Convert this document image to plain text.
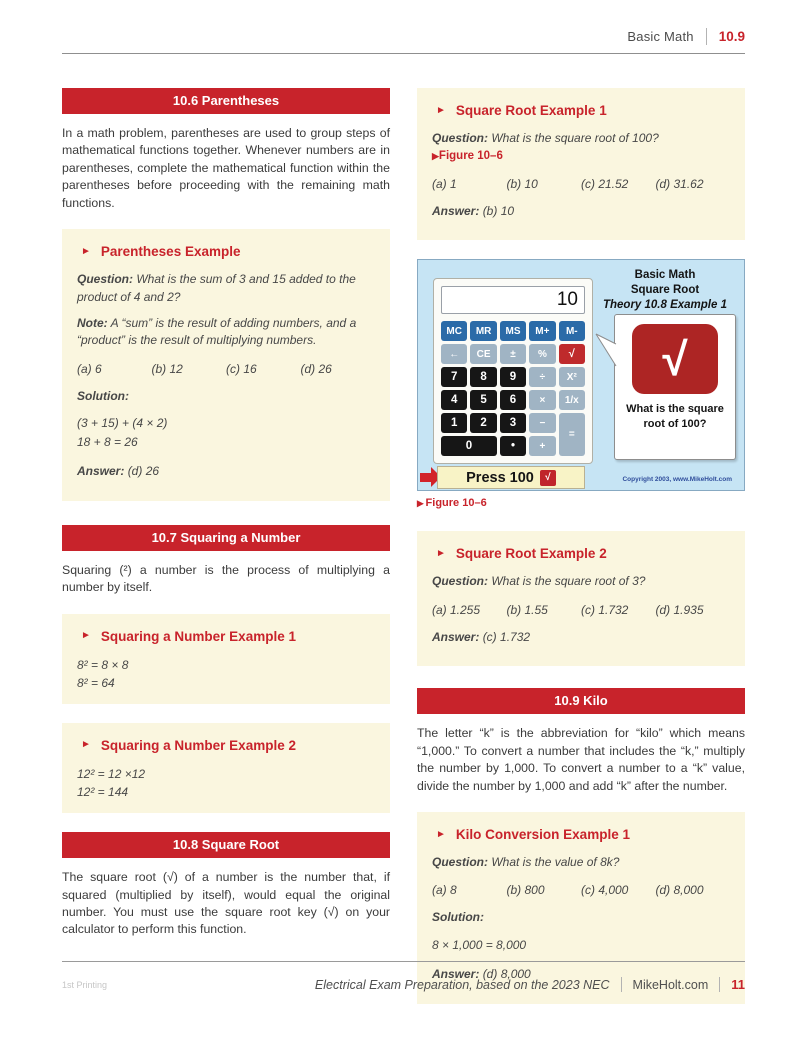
Basic Math 10.9
10.6 Parentheses

In a math problem, parentheses are used to group steps of mathematical functions together. Whenever numbers are in parentheses, complete the mathematical function within the parentheses before proceeding with the remaining math functions.

► Parentheses Example

Question: What is the sum of 3 and 15 added to the product of 4 and 2?

Note: A “sum” is the result of adding numbers, and a “product” is the result of multiplying numbers.

(a) 6	(b) 12	(c) 16	(d) 26

Solution:

(3 + 15) + (4 × 2)

18 + 8 = 26

Answer: (d) 26

10.7 Squaring a Number

Squaring (²) a number is the process of multiplying a number by itself.

► Squaring a Number Example 1

8² = 8 × 8

8² = 64

► Squaring a Number Example 2

12² = 12 ×12

12² = 144

10.8 Square Root

The square root (√) of a number is the number that, if squared (multiplied by itself), would equal the original number. You must use the square root key (√) on your calculator to perform this function.

► Square Root Example 1

Question: What is the square root of 100? ▶Figure 10–6

(a) 1	(b) 10	(c) 21.52	(d) 31.62

Answer: (b) 10

10
MC	MR	MS	M+	M-
←	CE	±	%	√
7	8	9	÷	X²
4	5	6	×	1/x
1	2	3	−
=
0	•	+
Press 100	√
Basic Math
Square Root
Theory 10.8 Example 1
√
What is the square root of 100?
Copyright 2003, www.MikeHolt.com
▶ Figure 10–6
► Square Root Example 2

Question: What is the square root of 3?

(a) 1.255	(b) 1.55	(c) 1.732	(d) 1.935

Answer: (c) 1.732

10.9 Kilo

The letter “k” is the abbreviation for “kilo” which means “1,000.” To convert a number that includes the “k,” multiply the number by 1,000. To convert a number to a “k” value, divide the number by 1,000 and add “k” after the number.

► Kilo Conversion Example 1

Question: What is the value of 8k?

(a) 8	(b) 800	(c) 4,000	(d) 8,000

Solution:

8 × 1,000 = 8,000

Answer: (d) 8,000

1st Printing	Electrical Exam Preparation, based on the 2023 NEC MikeHolt.com 11
